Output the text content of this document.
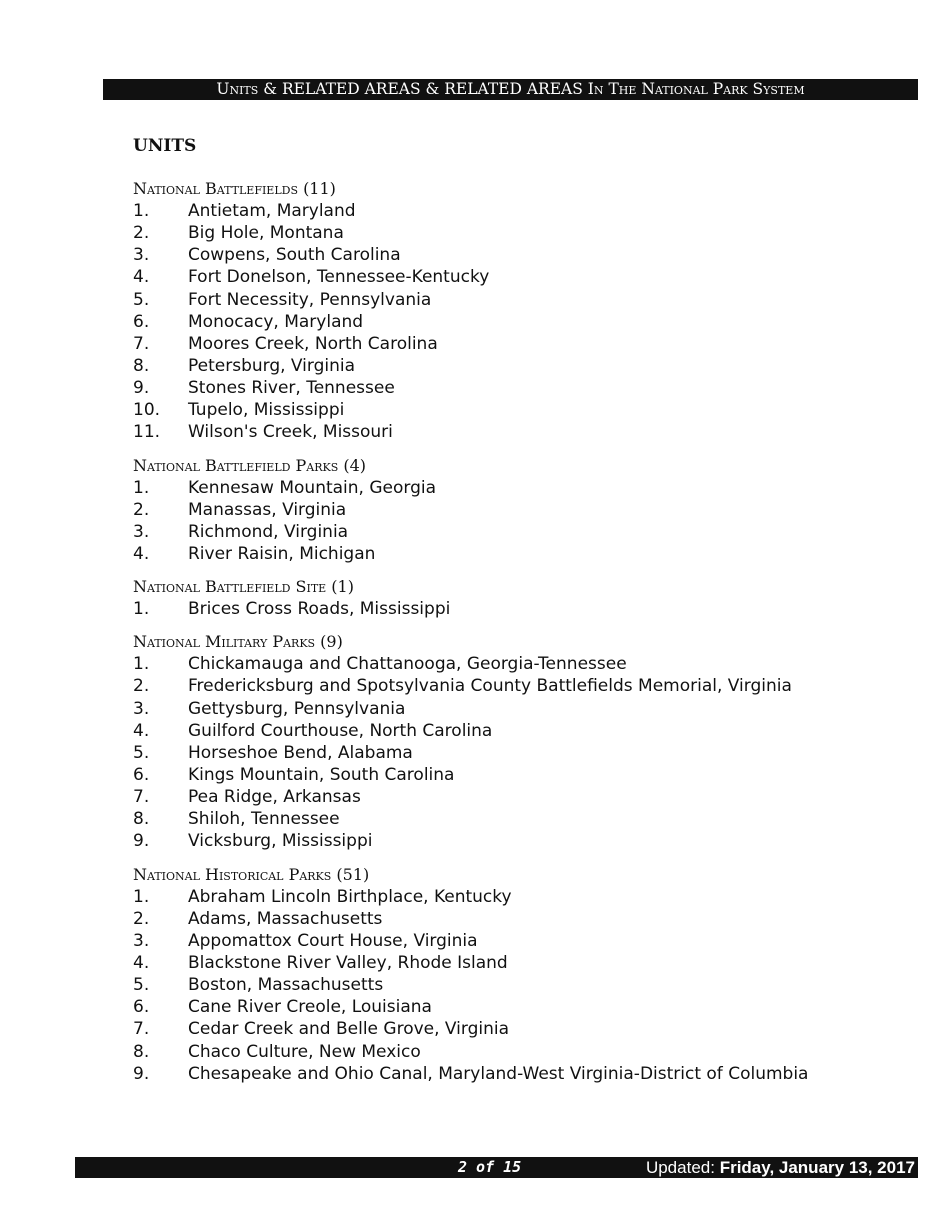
Units & RELATED AREAS & RELATED AREAS In The National Park System
UNITS
National Battlefields (11)
1.	Antietam, Maryland
2.	Big Hole, Montana
3.	Cowpens, South Carolina
4.	Fort Donelson, Tennessee-Kentucky
5.	Fort Necessity, Pennsylvania
6.	Monocacy, Maryland
7.	Moores Creek, North Carolina
8.	Petersburg, Virginia
9.	Stones River, Tennessee
10.	Tupelo, Mississippi
11.	Wilson's Creek, Missouri
National Battlefield Parks (4)
1.	Kennesaw Mountain, Georgia
2.	Manassas, Virginia
3.	Richmond, Virginia
4.	River Raisin, Michigan
National Battlefield Site (1)
1.	Brices Cross Roads, Mississippi
National Military Parks (9)
1.	Chickamauga and Chattanooga, Georgia-Tennessee
2.	Fredericksburg and Spotsylvania County Battlefields Memorial, Virginia
3.	Gettysburg, Pennsylvania
4.	Guilford Courthouse, North Carolina
5.	Horseshoe Bend, Alabama
6.	Kings Mountain, South Carolina
7.	Pea Ridge, Arkansas
8.	Shiloh, Tennessee
9.	Vicksburg, Mississippi
National Historical Parks (51)
1.	Abraham Lincoln Birthplace, Kentucky
2.	Adams, Massachusetts
3.	Appomattox Court House, Virginia
4.	Blackstone River Valley, Rhode Island
5.	Boston, Massachusetts
6.	Cane River Creole, Louisiana
7.	Cedar Creek and Belle Grove, Virginia
8.	Chaco Culture, New Mexico
9.	Chesapeake and Ohio Canal, Maryland-West Virginia-District of Columbia
2 of 15	Updated: Friday, January 13, 2017
